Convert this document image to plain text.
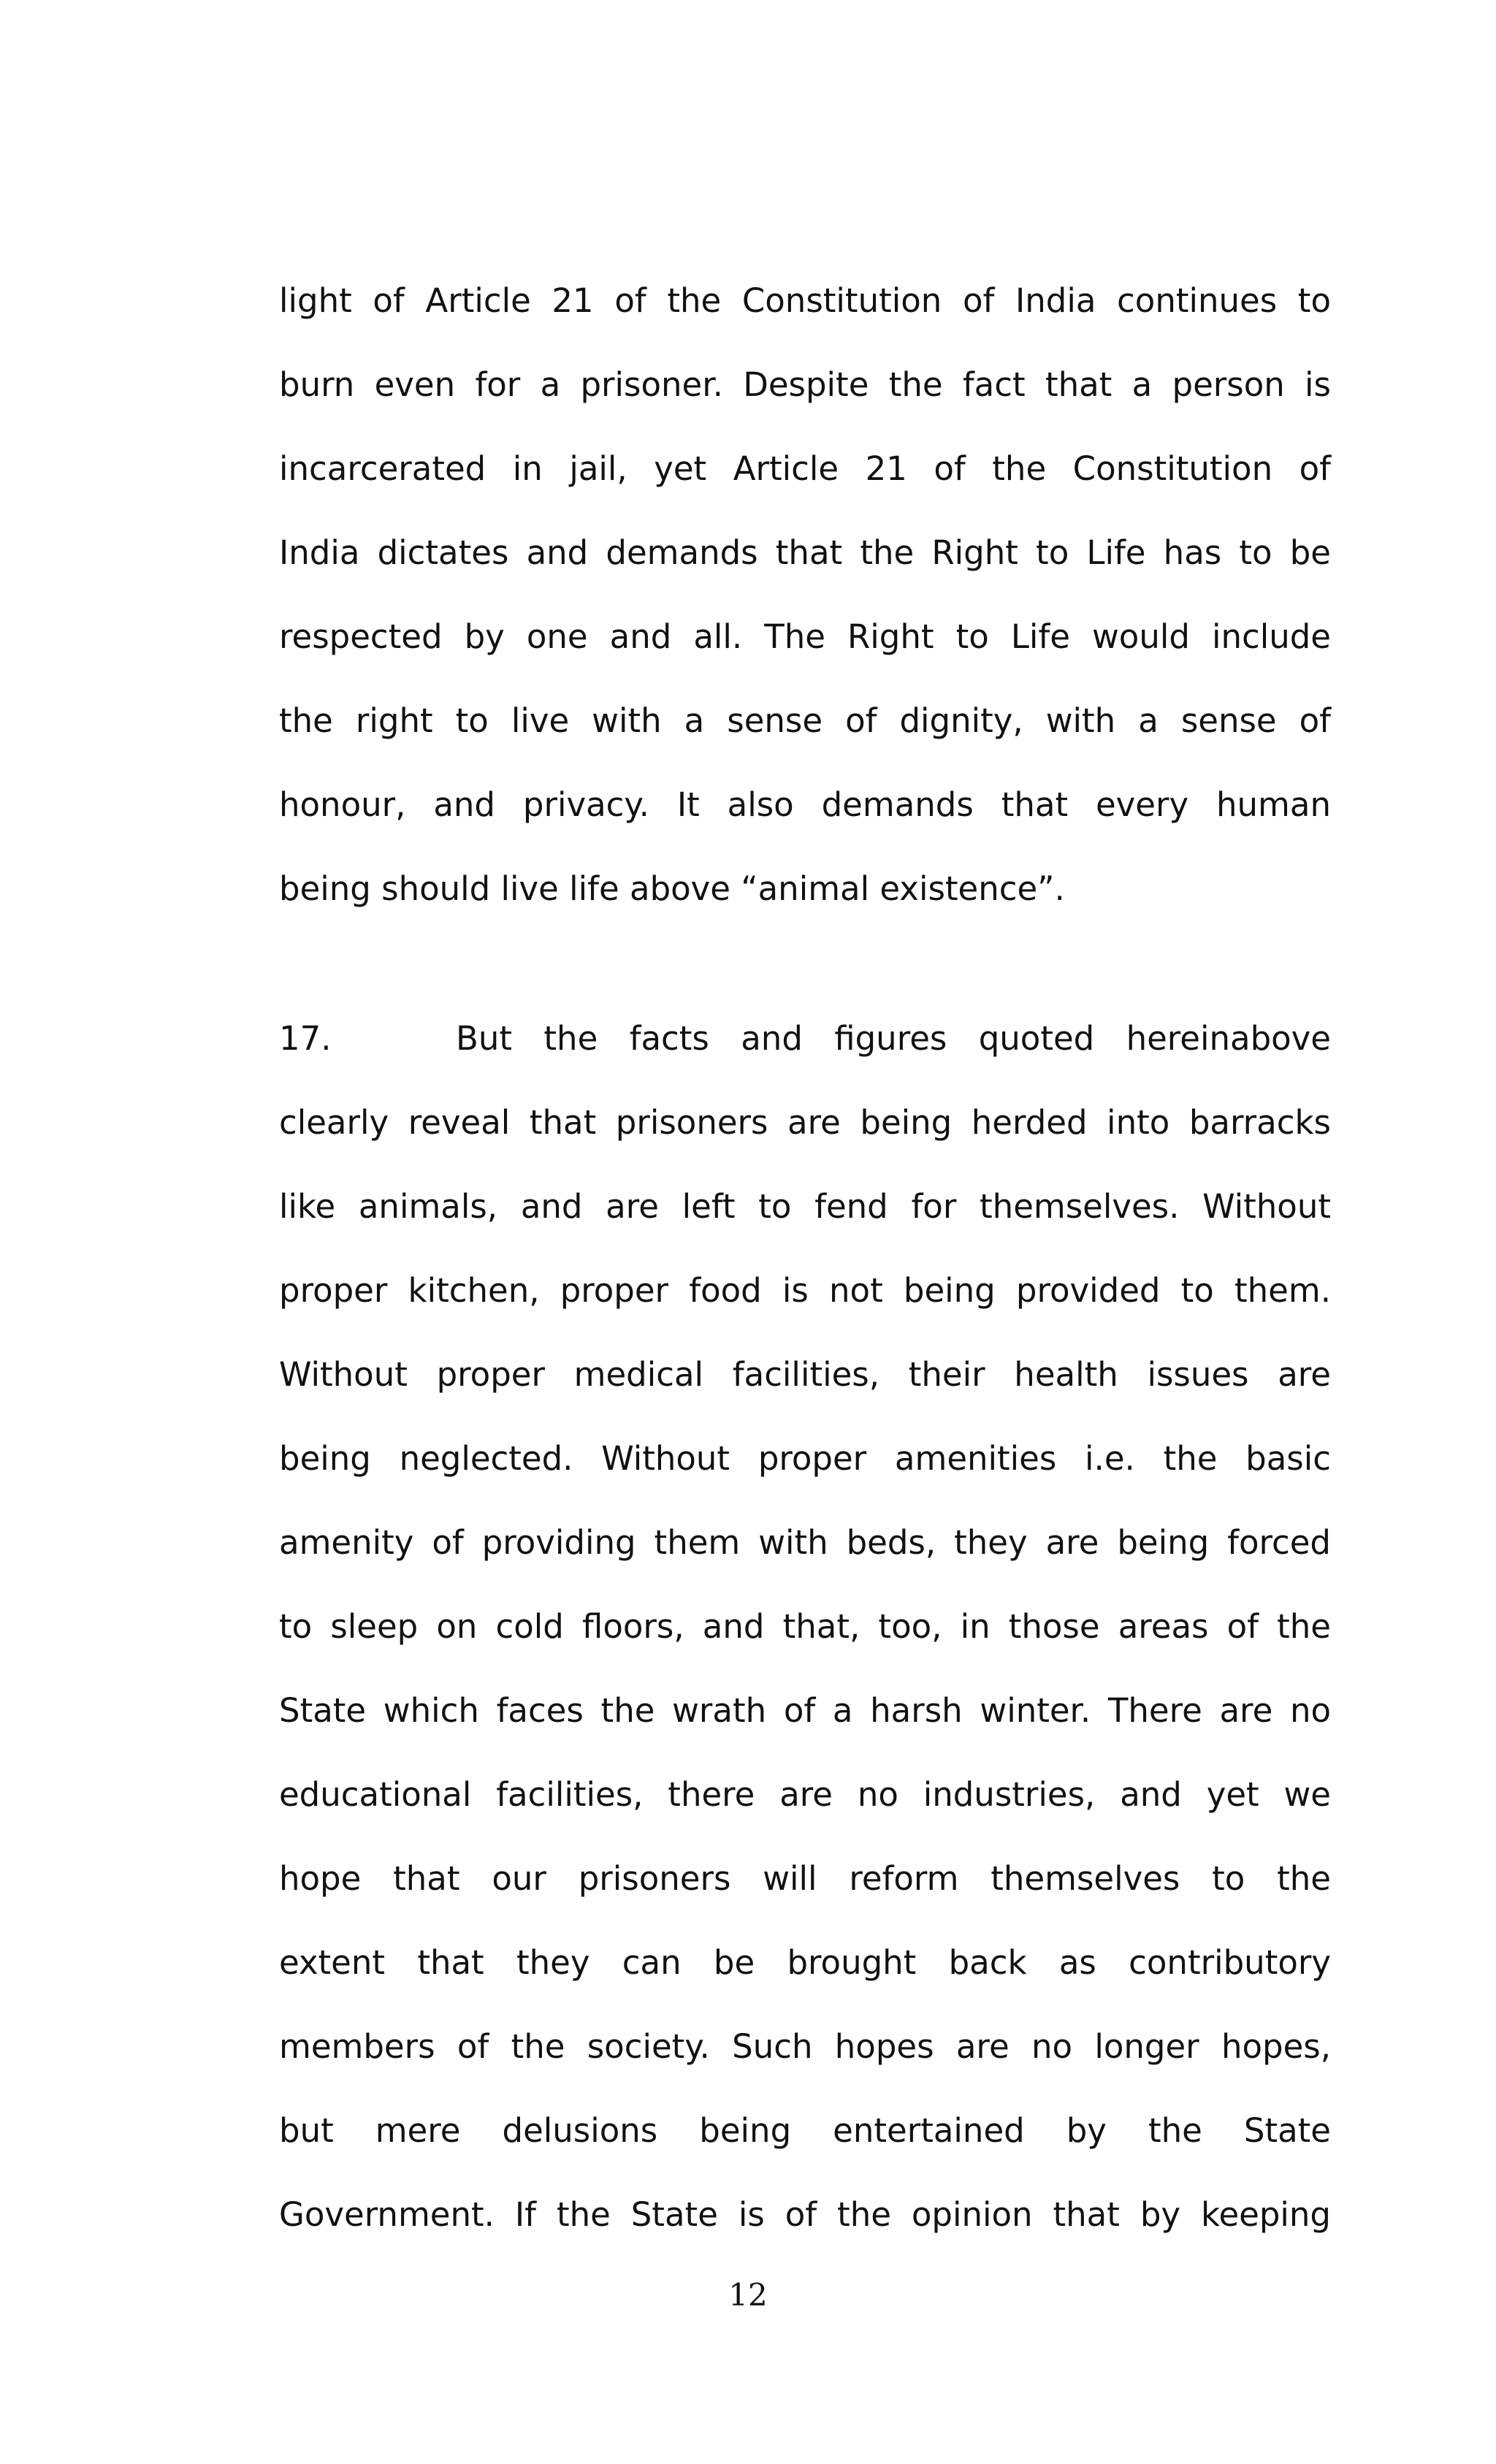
light of Article 21 of the Constitution of India continues to
burn even for a prisoner. Despite the fact that a person is
incarcerated in jail, yet Article 21 of the Constitution of
India dictates and demands that the Right to Life has to be
respected by one and all. The Right to Life would include
the right to live with a sense of dignity, with a sense of
honour, and privacy. It also demands that every human
being should live life above “animal existence”.
17.	But the facts and figures quoted hereinabove
clearly reveal that prisoners are being herded into barracks
like animals, and are left to fend for themselves. Without
proper kitchen, proper food is not being provided to them.
Without proper medical facilities, their health issues are
being neglected. Without proper amenities i.e. the basic
amenity of providing them with beds, they are being forced
to sleep on cold floors, and that, too, in those areas of the
State which faces the wrath of a harsh winter. There are no
educational facilities, there are no industries, and yet we
hope that our prisoners will reform themselves to the
extent that they can be brought back as contributory
members of the society. Such hopes are no longer hopes,
but mere delusions being entertained by the State
Government. If the State is of the opinion that by keeping
12
